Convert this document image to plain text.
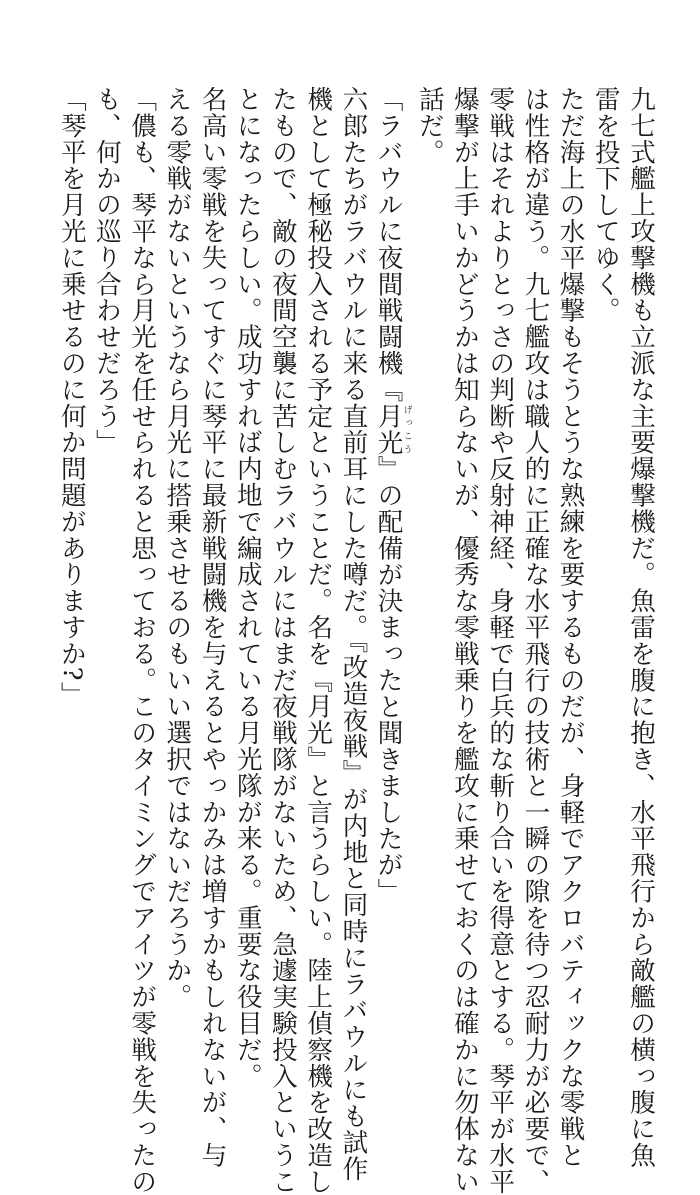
九七式艦上攻撃機も立派な主要爆撃機だ。魚雷を腹に抱き、水平飛行から敵艦の横っ腹に魚
雷を投下してゆく。
ただ海上の水平爆撃もそうとうな熟練を要するものだが、身軽でアクロバティックな零戦と
は性格が違う。九七艦攻は職人的に正確な水平飛行の技術と一瞬の隙を待つ忍耐力が必要で、
零戦はそれよりとっさの判断や反射神経、身軽で白兵的な斬り合いを得意とする。琴平が水平
爆撃が上手いかどうかは知らないが、優秀な零戦乗りを艦攻に乗せておくのは確かに勿体ない
話だ。
「ラバウルに夜間戦闘機『月光げっこう』の配備が決まったと聞きましたが」
六郎たちがラバウルに来る直前耳にした噂だ。『改造夜戦』が内地と同時にラバウルにも試作
機として極秘投入される予定ということだ。名を『月光』と言うらしい。陸上偵察機を改造し
たもので、敵の夜間空襲に苦しむラバウルにはまだ夜戦隊がないため、急遽実験投入というこ
とになったらしい。成功すれば内地で編成されている月光隊が来る。重要な役目だ。
名高い零戦を失ってすぐに琴平に最新戦闘機を与えるとやっかみは増すかもしれないが、与
える零戦がないというなら月光に搭乗させるのもいい選択ではないだろうか。
「儂も、琴平なら月光を任せられると思っておる。このタイミングでアイツが零戦を失ったの
も、何かの巡り合わせだろう」
「琴平を月光に乗せるのに何か問題がありますか?」
